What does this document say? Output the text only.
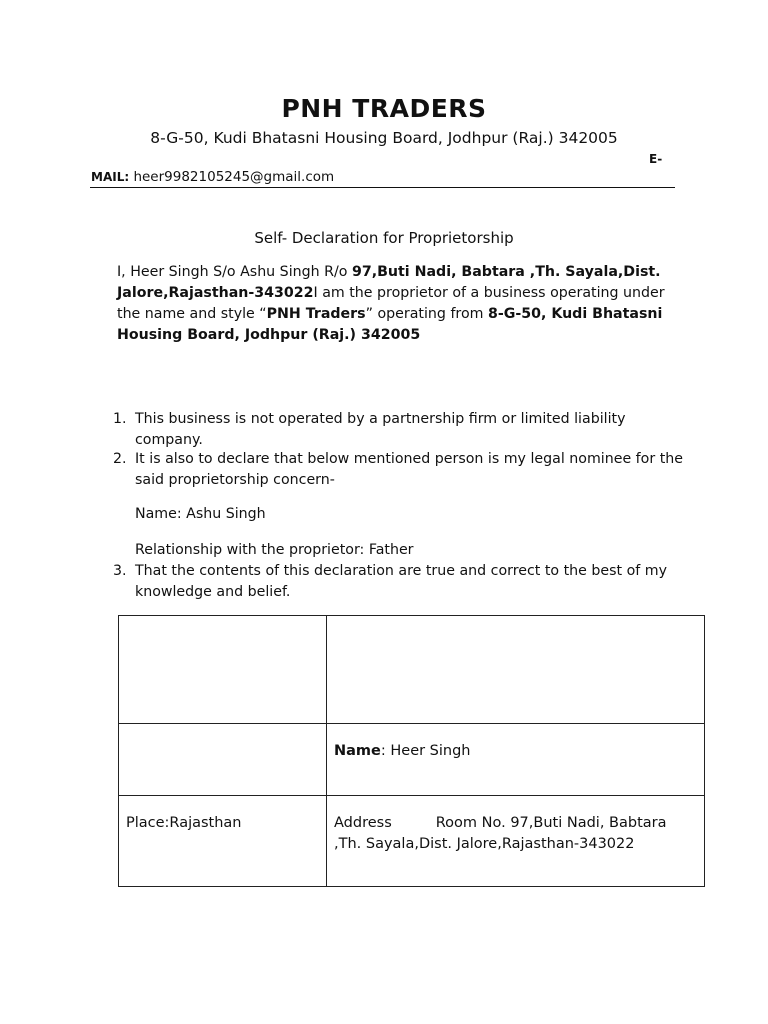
PNH TRADERS
8-G-50, Kudi Bhatasni Housing Board, Jodhpur (Raj.) 342005
E-
MAIL: heer9982105245@gmail.com
Self- Declaration for Proprietorship
I, Heer Singh S/o Ashu Singh R/o 97,Buti Nadi, Babtara ,Th. Sayala,Dist. Jalore,Rajasthan-343022I am the proprietor of a business operating under the name and style “PNH Traders” operating from 8-G-50, Kudi Bhatasni Housing Board, Jodhpur (Raj.) 342005
1. This business is not operated by a partnership firm or limited liability company.
2. It is also to declare that below mentioned person is my legal nominee for the said proprietorship concern-
Name: Ashu Singh
Relationship with the proprietor: Father
3. That the contents of this declaration are true and correct to the best of my knowledge and belief.

	Name: Heer Singh

Place:Rajasthan	Address Room No. 97,Buti Nadi, Babtara ,Th. Sayala,Dist. Jalore,Rajasthan-343022
